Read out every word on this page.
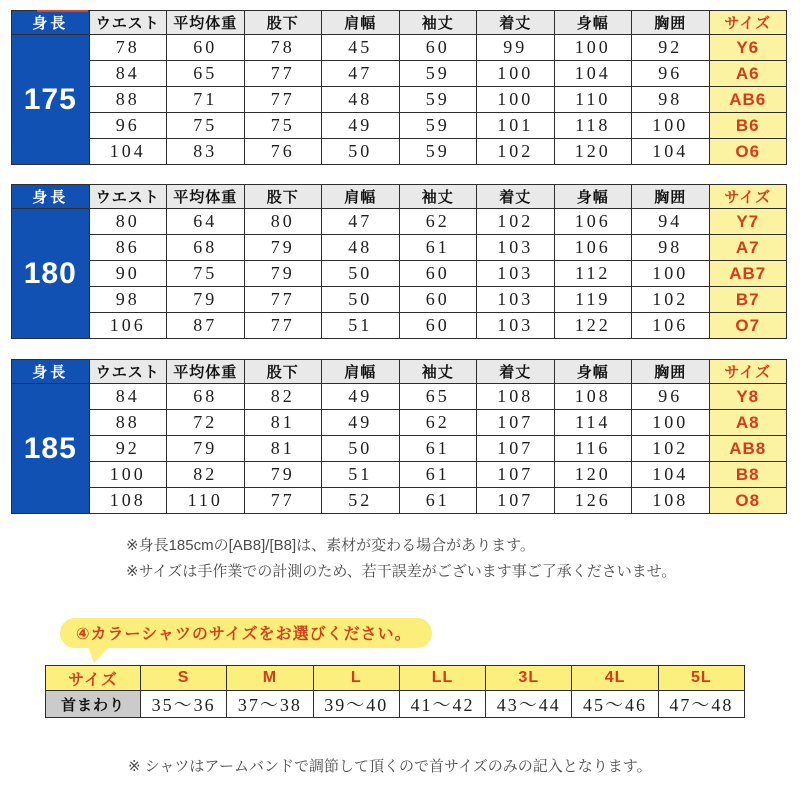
身長	ウエスト	平均体重	股下	肩幅	袖丈	着丈	身幅	胸囲	サイズ
175	78	60	78	45	60	99	100	92	Y6
	84	65	77	47	59	100	104	96	A6
	88	71	77	48	59	100	110	98	AB6
	96	75	75	49	59	101	118	100	B6
	104	83	76	50	59	102	120	104	O6
身長	ウエスト	平均体重	股下	肩幅	袖丈	着丈	身幅	胸囲	サイズ
180	80	64	80	47	62	102	106	94	Y7
	86	68	79	48	61	103	106	98	A7
	90	75	79	50	60	103	112	100	AB7
	98	79	77	50	60	103	119	102	B7
	106	87	77	51	60	103	122	106	O7
身長	ウエスト	平均体重	股下	肩幅	袖丈	着丈	身幅	胸囲	サイズ
185	84	68	82	49	65	108	108	96	Y8
	88	72	81	49	62	107	114	100	A8
	92	79	81	50	61	107	116	102	AB8
	100	82	79	51	61	107	120	104	B8
	108	110	77	52	61	107	126	108	O8
※身長185cmの[AB8]/[B8]は、素材が変わる場合があります。
※サイズは手作業での計測のため、若干誤差がございます事ご了承くださいませ。
④カラーシャツのサイズをお選びください。
サイズ	S	M	L	LL	3L	4L	5L
首まわり	35〜36	37〜38	39〜40	41〜42	43〜44	45〜46	47〜48
※ シャツはアームバンドで調節して頂くので首サイズのみの記入となります。
